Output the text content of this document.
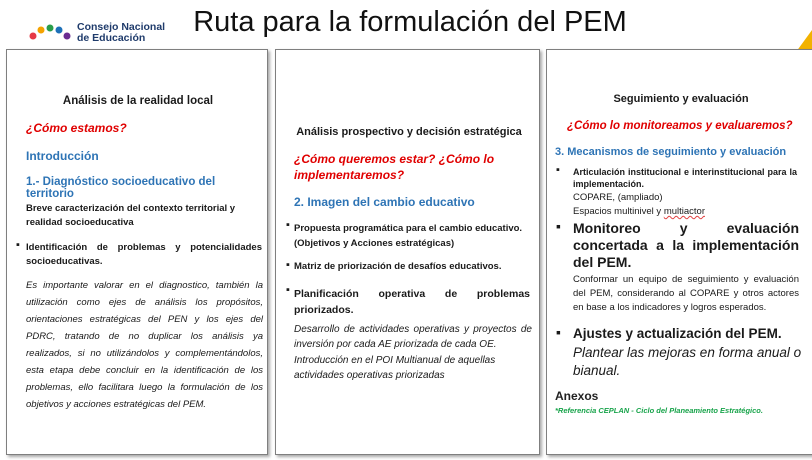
Consejo Nacional
de Educación	Ruta para la formulación del PEM
Análisis de la realidad local
¿Cómo estamos?
Introducción
1.- Diagnóstico socioeducativo del territorio
Breve caracterización del contexto territorial y realidad socioeducativa
▪ Identificación de problemas y potencialidades socioeducativas.
Es importante valorar en el diagnostico, también la utilización como ejes de análisis los propósitos, orientaciones estratégicas del PEN y los ejes del PDRC, tratando de no duplicar los análisis ya realizados, si no utilizándolos y complementándolos, esta etapa debe concluir en la identificación de los problemas, ello facilitara luego la formulación de los objetivos y acciones estratégicas del PEM.
Análisis prospectivo y decisión estratégica
¿Cómo queremos estar? ¿Cómo lo implementaremos?
2. Imagen del cambio educativo
▪ Propuesta programática para el cambio educativo. (Objetivos y Acciones estratégicas)
▪ Matriz de priorización de desafíos educativos.
▪ Planificación operativa de problemas priorizados.
Desarrollo de actividades operativas y proyectos de inversión por cada AE priorizada de cada OE.
Introducción en el POI Multianual de aquellas actividades operativas priorizadas
Seguimiento y evaluación
¿Cómo lo monitoreamos y evaluaremos?
3. Mecanismos de seguimiento y evaluación
▪ Articulación institucional e interinstitucional para la implementación.
COPARE, (ampliado)
Espacios multinivel y multiactor
▪ Monitoreo y evaluación concertada a la implementación del PEM.
Conformar un equipo de seguimiento y evaluación del PEM, considerando al COPARE y otros actores en base a los indicadores y logros esperados.
▪ Ajustes y actualización del PEM.
Plantear las mejoras en forma anual o bianual.
Anexos
*Referencia CEPLAN - Ciclo del Planeamiento Estratégico.
